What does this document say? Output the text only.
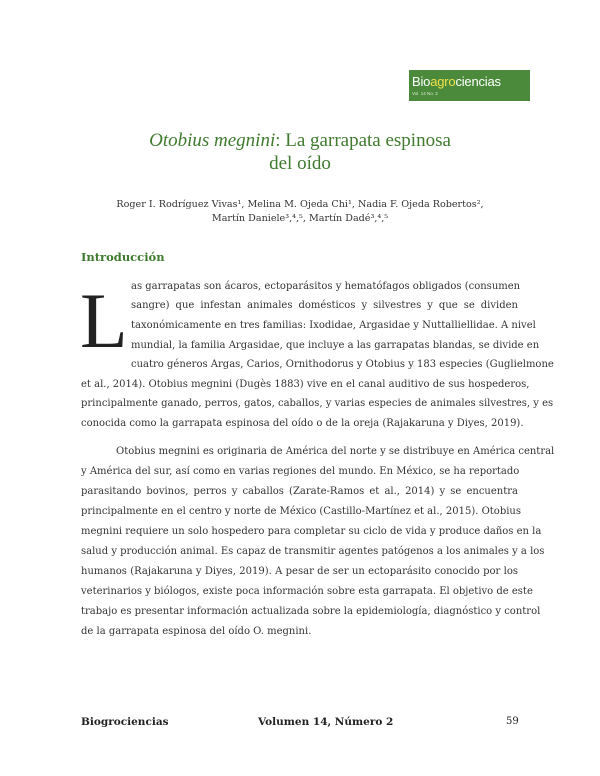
Bioagrociencias
Vol. 14 No. 2
Otobius megnini: La garrapata espinosa
del oído
Roger I. Rodríguez Vivas¹, Melina M. Ojeda Chi¹, Nadia F. Ojeda Robertos²,
Martín Daniele³,⁴,⁵, Martín Dadé³,⁴,⁵
Introducción
L as garrapatas son ácaros, ectoparásitos y hematófagos obligados (consumen
sangre) que infestan animales domésticos y silvestres y que se dividen
taxonómicamente en tres familias: Ixodidae, Argasidae y Nuttalliellidae. A nivel
mundial, la familia Argasidae, que incluye a las garrapatas blandas, se divide en
cuatro géneros Argas, Carios, Ornithodorus y Otobius y 183 especies (Guglielmone
et al., 2014). Otobius megnini (Dugès 1883) vive en el canal auditivo de sus hospederos,
principalmente ganado, perros, gatos, caballos, y varias especies de animales silvestres, y es
conocida como la garrapata espinosa del oído o de la oreja (Rajakaruna y Diyes, 2019).
Otobius megnini es originaria de América del norte y se distribuye en América central
y América del sur, así como en varias regiones del mundo. En México, se ha reportado
parasitando bovinos, perros y caballos (Zarate-Ramos et al., 2014) y se encuentra
principalmente en el centro y norte de México (Castillo-Martínez et al., 2015). Otobius
megnini requiere un solo hospedero para completar su ciclo de vida y produce daños en la
salud y producción animal. Es capaz de transmitir agentes patógenos a los animales y a los
humanos (Rajakaruna y Diyes, 2019). A pesar de ser un ectoparásito conocido por los
veterinarios y biólogos, existe poca información sobre esta garrapata. El objetivo de este
trabajo es presentar información actualizada sobre la epidemiología, diagnóstico y control
de la garrapata espinosa del oído O. megnini.
Biogrociencias	Volumen 14, Número 2	59
